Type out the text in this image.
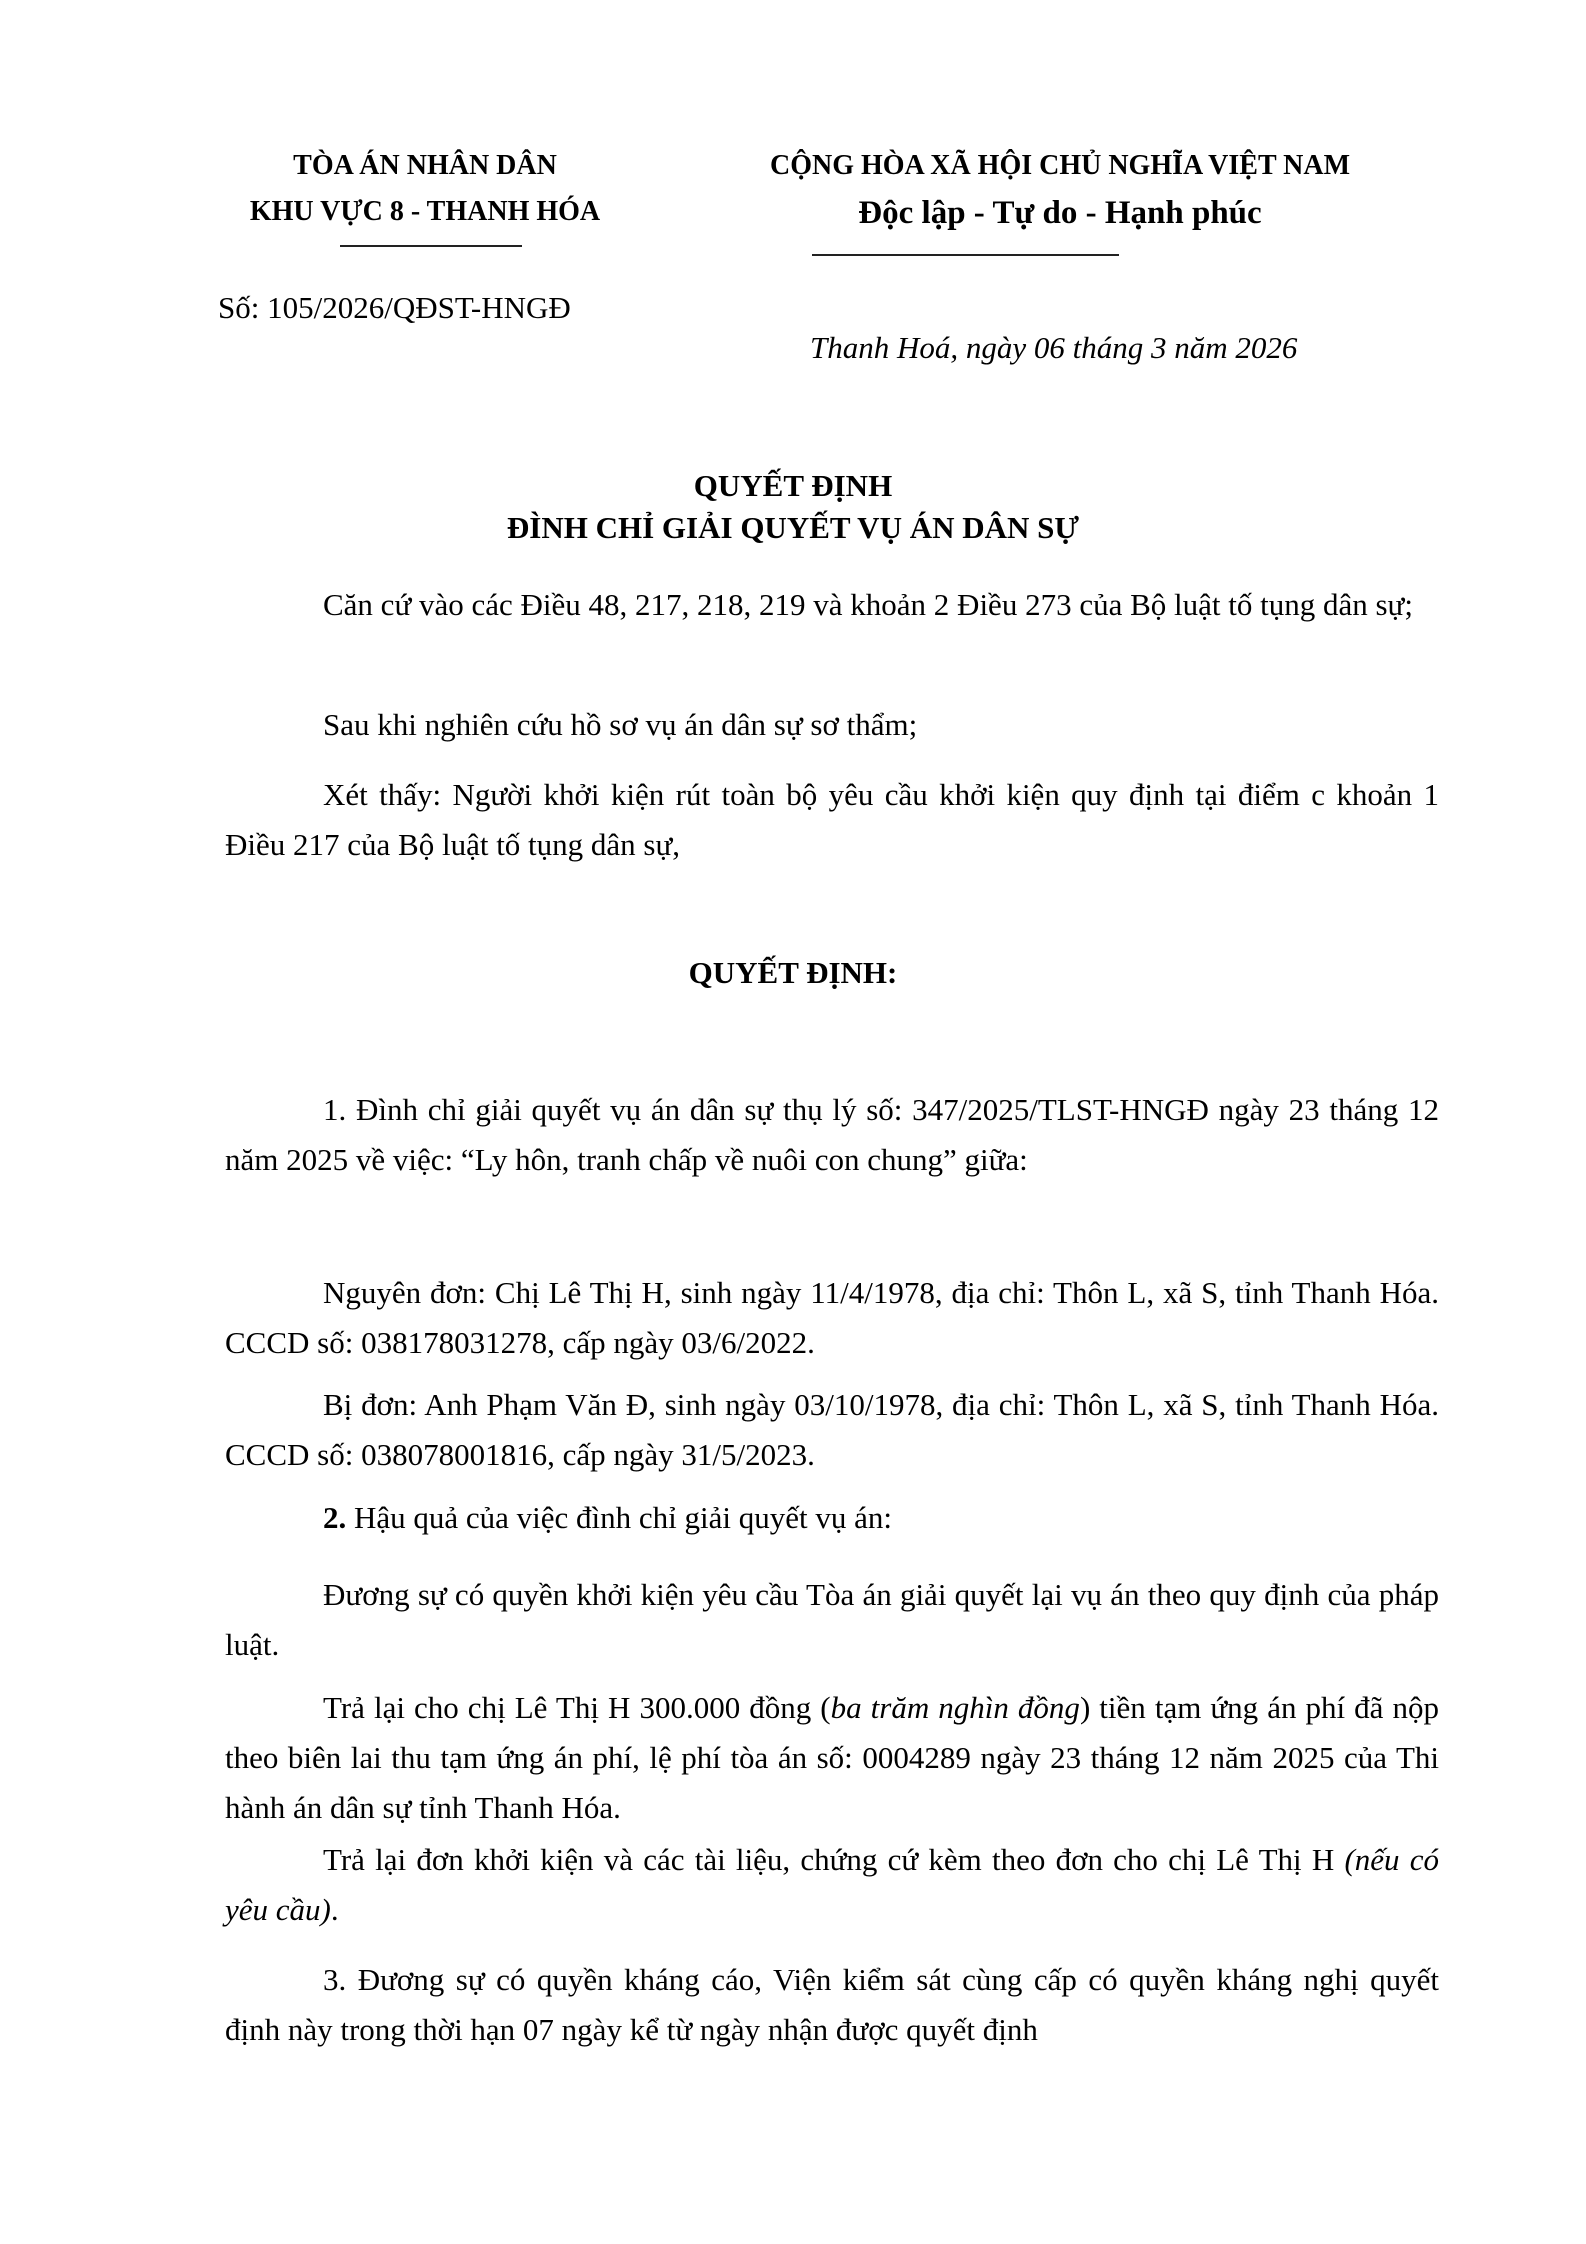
TÒA ÁN NHÂN DÂN
KHU VỰC 8 - THANH HÓA
CỘNG HÒA XÃ HỘI CHỦ NGHĨA VIỆT NAM
Độc lập - Tự do - Hạnh phúc
Số: 105/2026/QĐST-HNGĐ
Thanh Hoá, ngày 06 tháng 3 năm 2026
QUYẾT ĐỊNH
ĐÌNH CHỈ GIẢI QUYẾT VỤ ÁN DÂN SỰ
Căn cứ vào các Điều 48, 217, 218, 219 và khoản 2 Điều 273 của Bộ luật tố tụng dân sự;
Sau khi nghiên cứu hồ sơ vụ án dân sự sơ thẩm;
Xét thấy: Người khởi kiện rút toàn bộ yêu cầu khởi kiện quy định tại điểm c khoản 1 Điều 217 của Bộ luật tố tụng dân sự,
QUYẾT ĐỊNH:
1. Đình chỉ giải quyết vụ án dân sự thụ lý số: 347/2025/TLST-HNGĐ ngày 23 tháng 12 năm 2025 về việc: “Ly hôn, tranh chấp về nuôi con chung” giữa:
Nguyên đơn: Chị Lê Thị H, sinh ngày 11/4/1978, địa chỉ: Thôn L, xã S, tỉnh Thanh Hóa. CCCD số: 038178031278, cấp ngày 03/6/2022.
Bị đơn: Anh Phạm Văn Đ, sinh ngày 03/10/1978, địa chỉ: Thôn L, xã S, tỉnh Thanh Hóa. CCCD số: 038078001816, cấp ngày 31/5/2023.
2. Hậu quả của việc đình chỉ giải quyết vụ án:
Đương sự có quyền khởi kiện yêu cầu Tòa án giải quyết lại vụ án theo quy định của pháp luật.
Trả lại cho chị Lê Thị H 300.000 đồng (ba trăm nghìn đồng) tiền tạm ứng án phí đã nộp theo biên lai thu tạm ứng án phí, lệ phí tòa án số: 0004289 ngày 23 tháng 12 năm 2025 của Thi hành án dân sự tỉnh Thanh Hóa.
Trả lại đơn khởi kiện và các tài liệu, chứng cứ kèm theo đơn cho chị Lê Thị H (nếu có yêu cầu).
3. Đương sự có quyền kháng cáo, Viện kiểm sát cùng cấp có quyền kháng nghị quyết định này trong thời hạn 07 ngày kể từ ngày nhận được quyết định
